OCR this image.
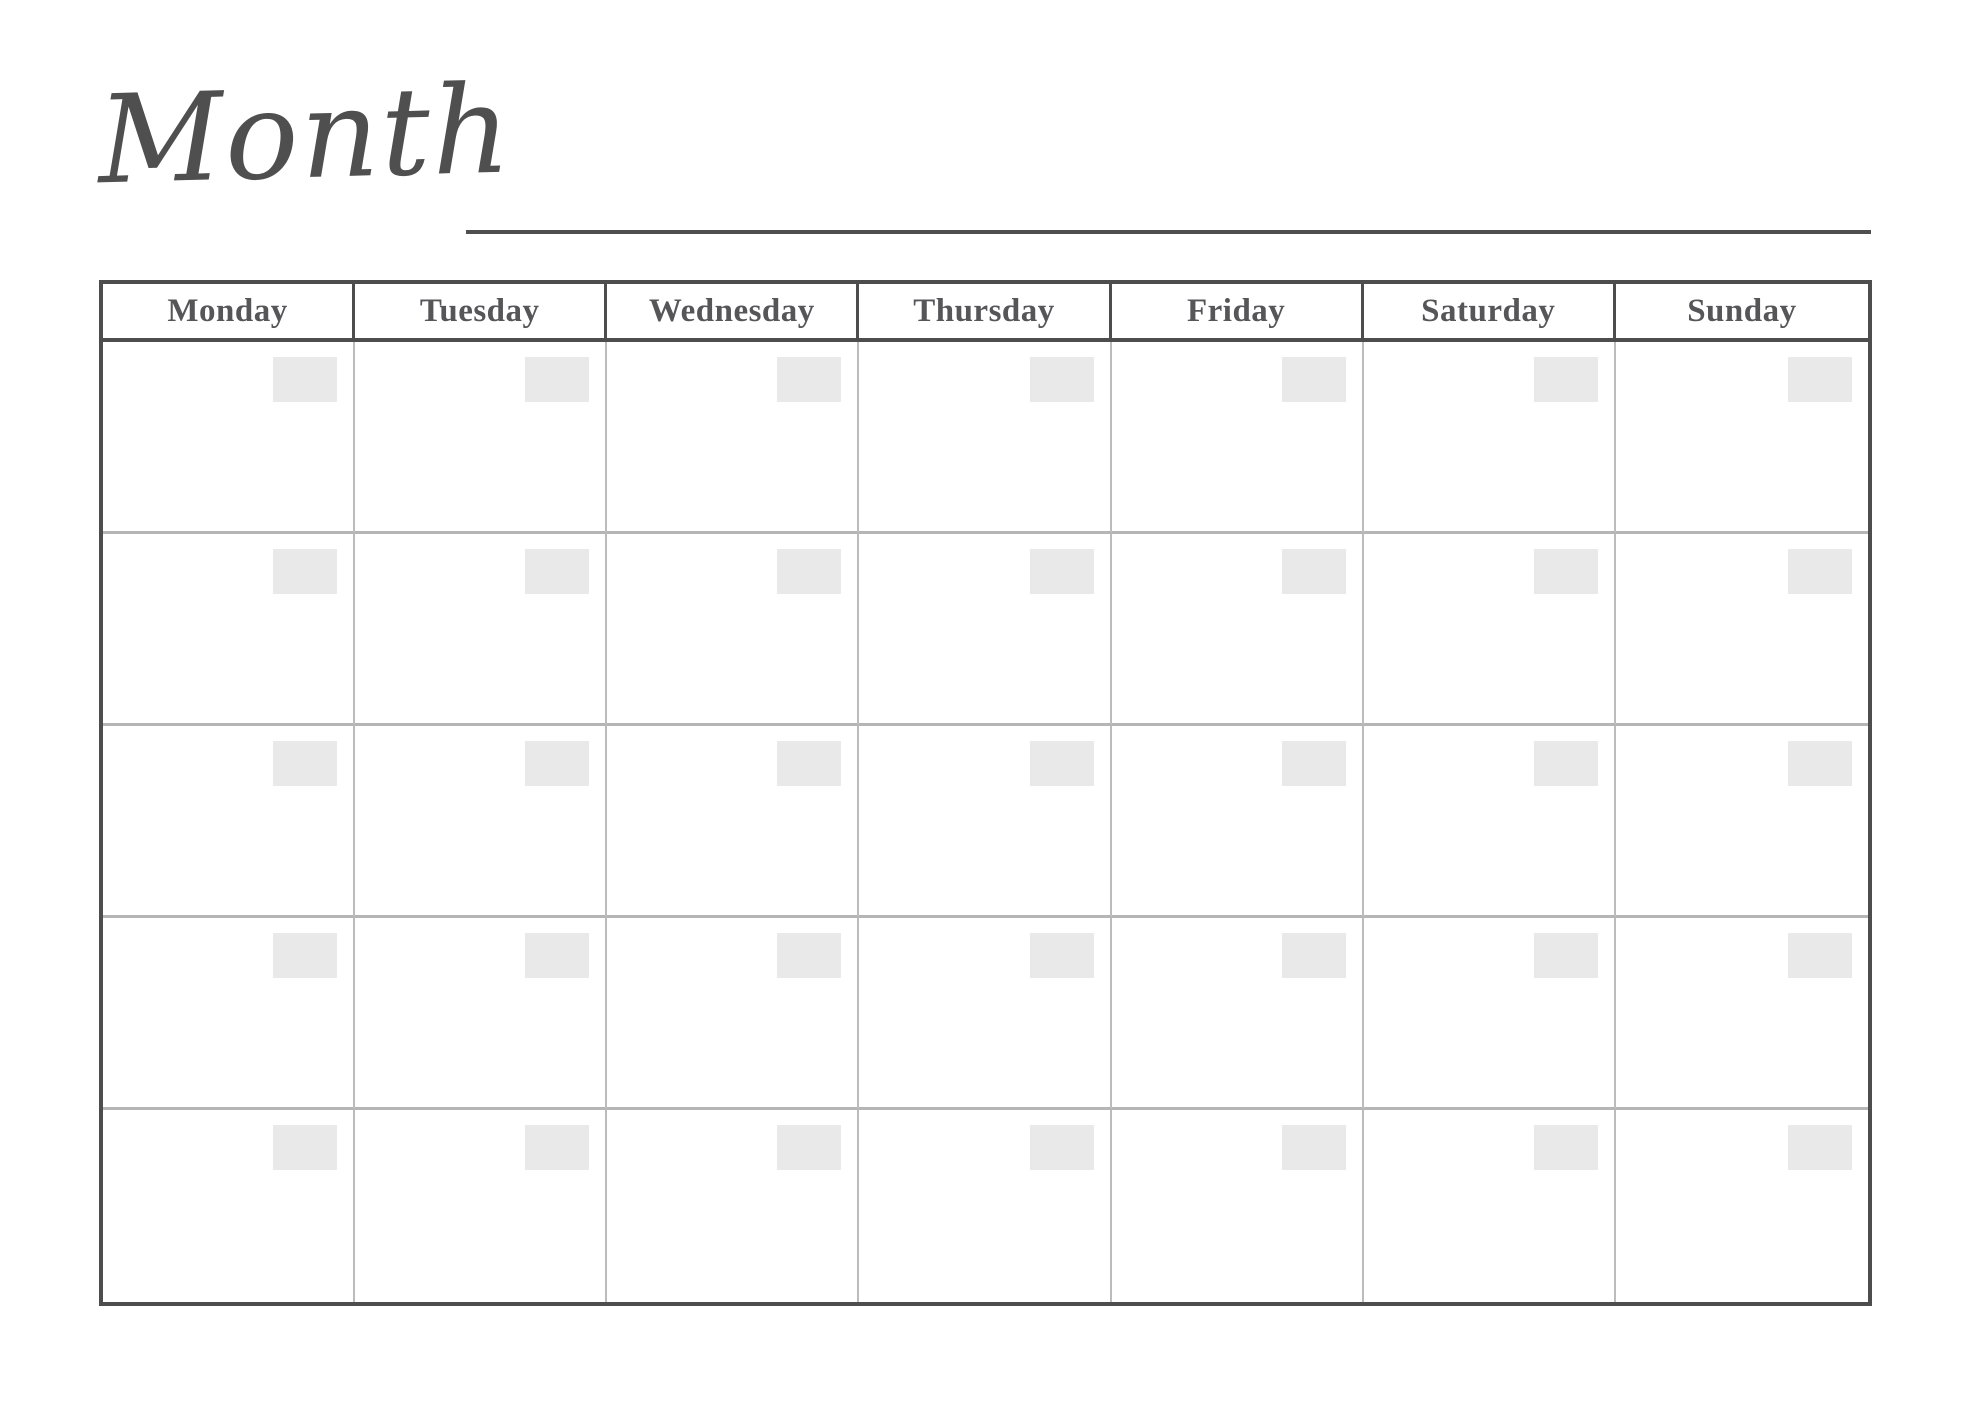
Month
Monday	Tuesday	Wednesday	Thursday	Friday	Saturday	Sunday
